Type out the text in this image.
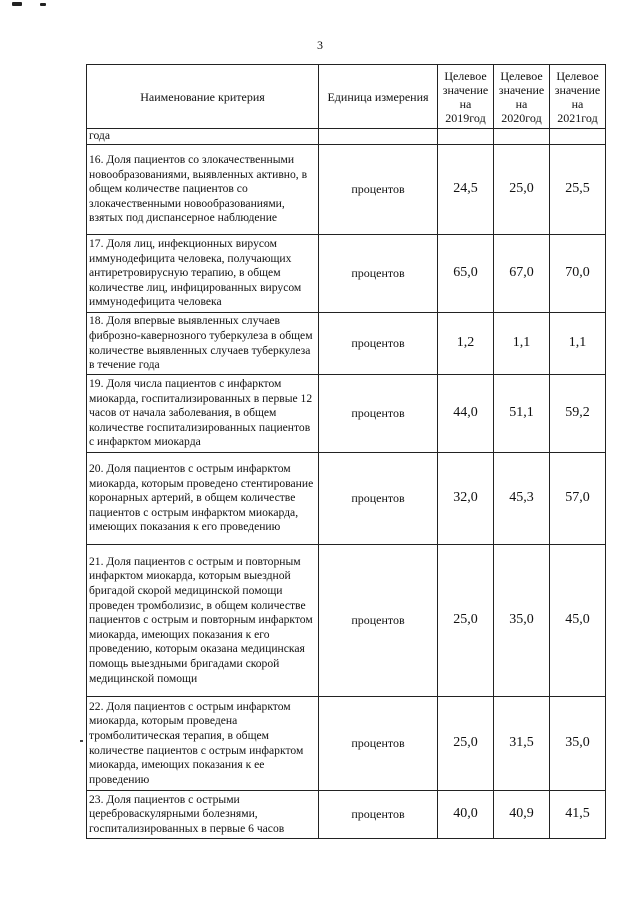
3
Наименование критерия	Единица измерения	Целевое значение на 2019год	Целевое значение на 2020год	Целевое значение на 2021год
года				
16. Доля пациентов со злокачественными новообразованиями, выявленных активно, в общем количестве пациентов со злокачественными новообразованиями, взятых под диспансерное наблюдение	процентов	24,5	25,0	25,5
17. Доля лиц, инфекционных вирусом иммунодефицита человека, получающих антиретровирусную терапию, в общем количестве лиц, инфицированных вирусом иммунодефицита человека	процентов	65,0	67,0	70,0
18. Доля впервые выявленных случаев фиброзно-кавернозного туберкулеза в общем количестве выявленных случаев туберкулеза в течение года	процентов	1,2	1,1	1,1
19. Доля числа пациентов с инфарктом миокарда, госпитализированных в первые 12 часов от начала заболевания, в общем количестве госпитализированных пациентов с инфарктом миокарда	процентов	44,0	51,1	59,2
20. Доля пациентов с острым инфарктом миокарда, которым проведено стентирование коронарных артерий, в общем количестве пациентов с острым инфарктом миокарда, имеющих показания к его проведению	процентов	32,0	45,3	57,0
21. Доля пациентов с острым и повторным инфарктом миокарда, которым выездной бригадой скорой медицинской помощи проведен тромболизис, в общем количестве пациентов с острым и повторным инфарктом миокарда, имеющих показания к его проведению, которым оказана медицинская помощь выездными бригадами скорой медицинской помощи	процентов	25,0	35,0	45,0
22. Доля пациентов с острым инфарктом миокарда, которым проведена тромболитическая терапия, в общем количестве пациентов с острым инфарктом миокарда, имеющих показания к ее проведению	процентов	25,0	31,5	35,0
23. Доля пациентов с острыми цереброваскулярными болезнями, госпитализированных в первые 6 часов	процентов	40,0	40,9	41,5
